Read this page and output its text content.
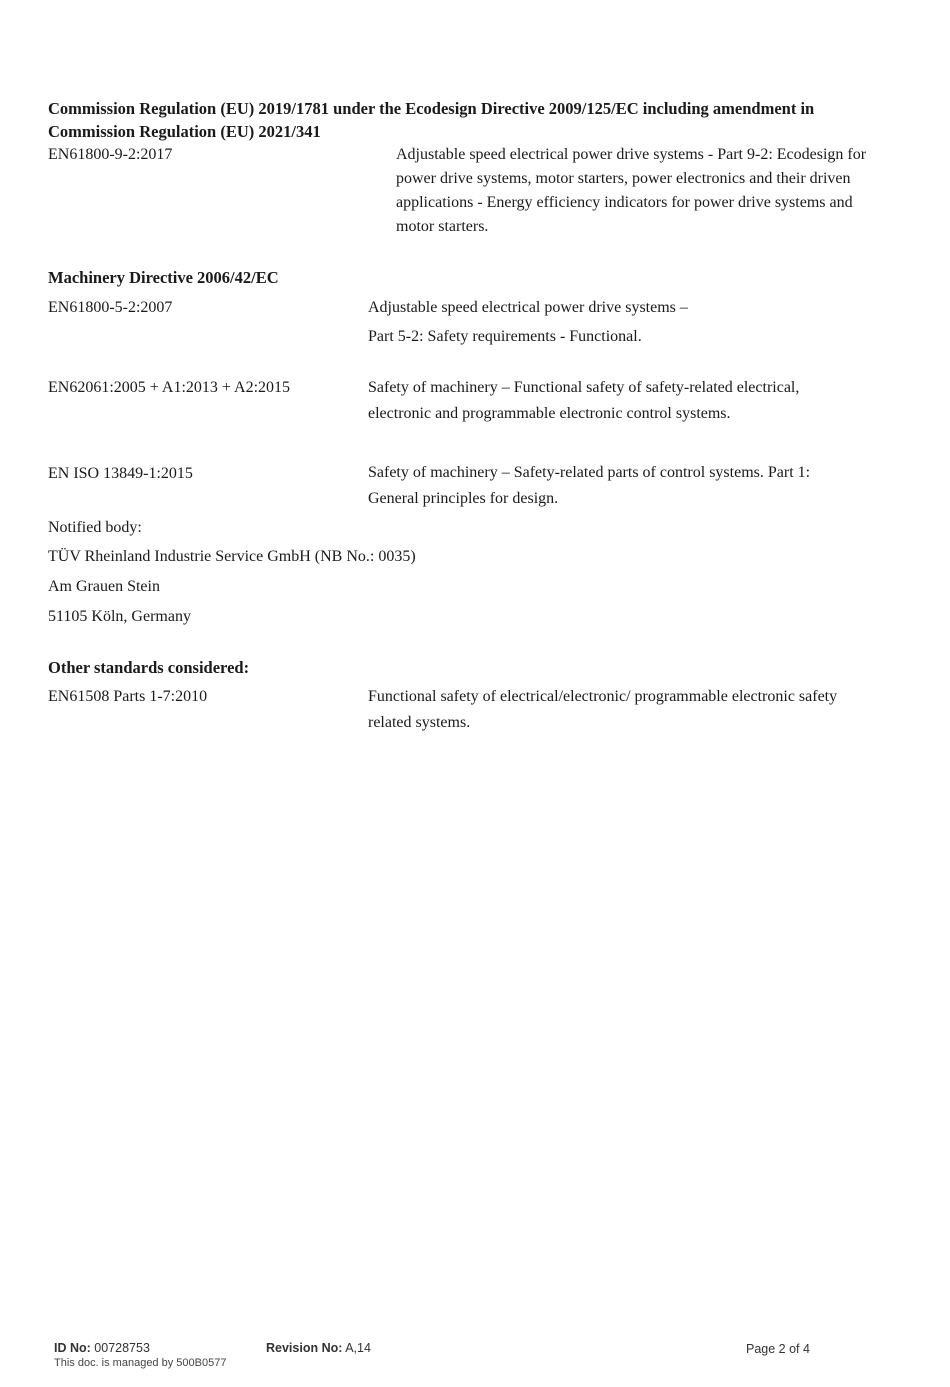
Commission Regulation (EU) 2019/1781 under the Ecodesign Directive 2009/125/EC including amendment in
Commission Regulation (EU) 2021/341
EN61800-9-2:2017	Adjustable speed electrical power drive systems - Part 9-2: Ecodesign for power drive systems, motor starters, power electronics and their driven applications - Energy efficiency indicators for power drive systems and motor starters.
Machinery Directive 2006/42/EC
EN61800-5-2:2007	Adjustable speed electrical power drive systems –
Part 5-2: Safety requirements - Functional.
EN62061:2005 + A1:2013 + A2:2015	Safety of machinery – Functional safety of safety-related electrical, electronic and programmable electronic control systems.
EN ISO 13849-1:2015	Safety of machinery – Safety-related parts of control systems. Part 1: General principles for design.
Notified body:
TÜV Rheinland Industrie Service GmbH (NB No.: 0035)
Am Grauen Stein
51105 Köln, Germany
Other standards considered:
EN61508 Parts 1-7:2010	Functional safety of electrical/electronic/ programmable electronic safety related systems.
ID No: 00728753
This doc. is managed by 500B0577
Revision No: A,14	Page 2 of 4
